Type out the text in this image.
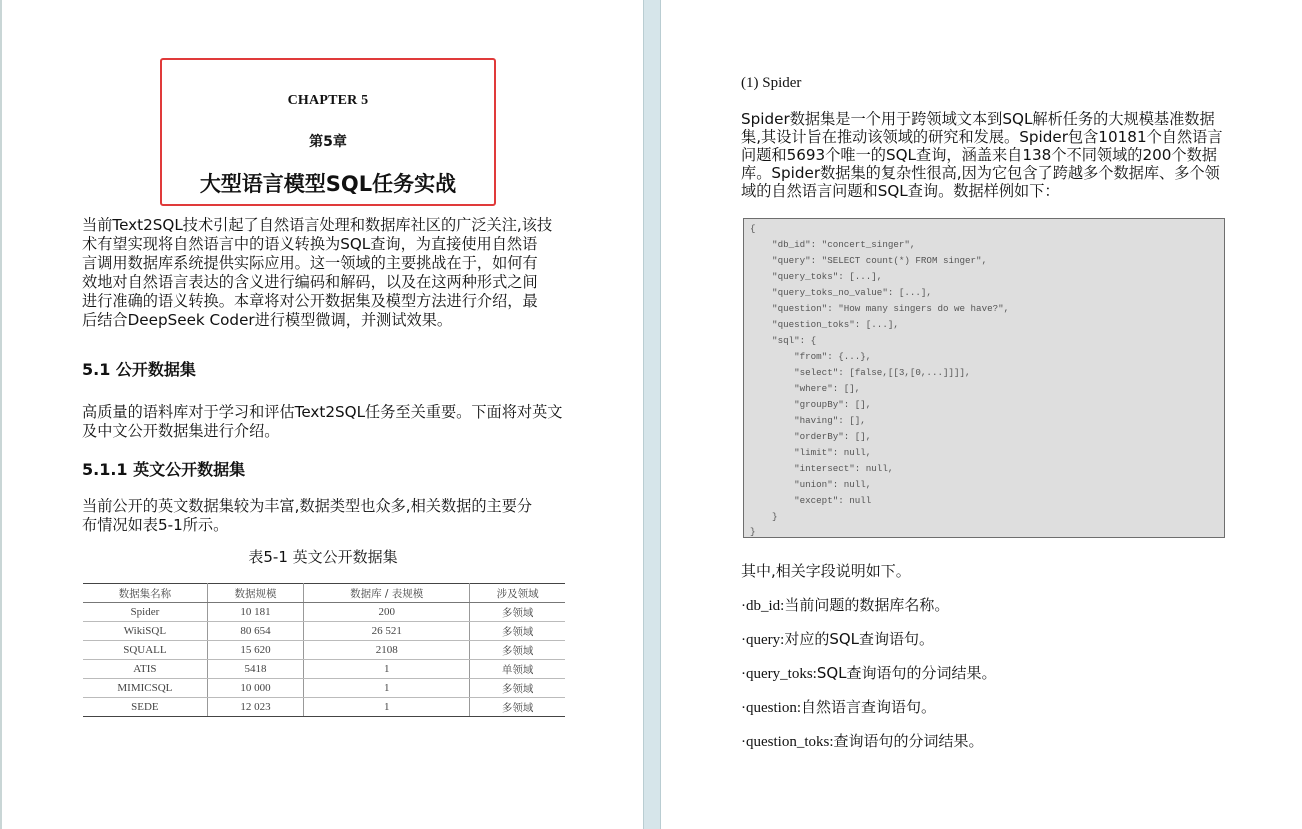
CHAPTER 5
第5章
大型语言模型SQL任务实战
当前Text2SQL技术引起了自然语言处理和数据库社区的广泛关注,该技
术有望实现将自然语言中的语义转换为SQL查询，为直接使用自然语
言调用数据库系统提供实际应用。这一领域的主要挑战在于，如何有
效地对自然语言表达的含义进行编码和解码，以及在这两种形式之间
进行准确的语义转换。本章将对公开数据集及模型方法进行介绍，最
后结合DeepSeek Coder进行模型微调，并测试效果。
5.1 公开数据集
高质量的语料库对于学习和评估Text2SQL任务至关重要。下面将对英文
及中文公开数据集进行介绍。
5.1.1 英文公开数据集
当前公开的英文数据集较为丰富,数据类型也众多,相关数据的主要分
布情况如表5-1所示。
表5-1 英文公开数据集
数据集名称	数据规模	数据库 / 表规模	涉及领域
Spider	10 181	200	多领域
WikiSQL	80 654	26 521	多领域
SQUALL	15 620	2108	多领域
ATIS	5418	1	单领域
MIMICSQL	10 000	1	多领域
SEDE	12 023	1	多领域
(1) Spider
Spider数据集是一个用于跨领域文本到SQL解析任务的大规模基准数据
集,其设计旨在推动该领域的研究和发展。Spider包含10181个自然语言
问题和5693个唯一的SQL查询，涵盖来自138个不同领域的200个数据
库。Spider数据集的复杂性很高,因为它包含了跨越多个数据库、多个领
域的自然语言问题和SQL查询。数据样例如下：
{
"db_id": "concert_singer",
"query": "SELECT count(*) FROM singer",
"query_toks": [...],
"query_toks_no_value": [...],
"question": "How many singers do we have?",
"question_toks": [...],
"sql": {
"from": {...},
"select": [false,[[3,[0,...]]]],
"where": [],
"groupBy": [],
"having": [],
"orderBy": [],
"limit": null,
"intersect": null,
"union": null,
"except": null
}
}
其中,相关字段说明如下。
·db_id:当前问题的数据库名称。
·query:对应的SQL查询语句。
·query_toks:SQL查询语句的分词结果。
·question:自然语言查询语句。
·question_toks:查询语句的分词结果。
